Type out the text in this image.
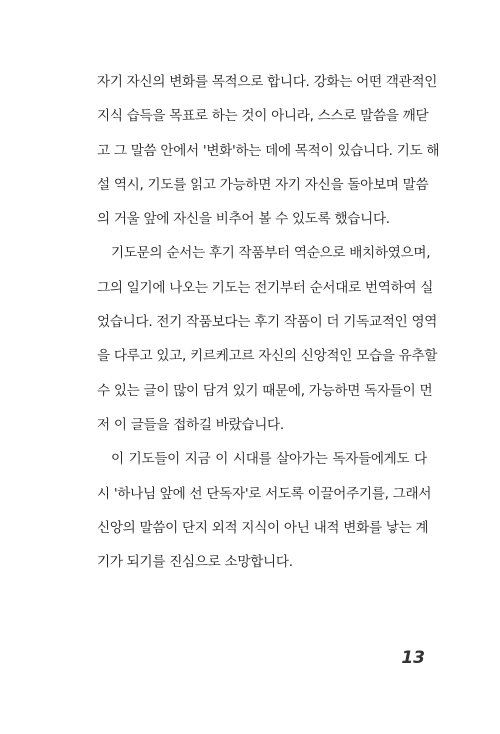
자기 자신의 변화를 목적으로 합니다. 강화는 어떤 객관적인
지식 습득을 목표로 하는 것이 아니라, 스스로 말씀을 깨닫
고 그 말씀 안에서 '변화'하는 데에 목적이 있습니다. 기도 해
설 역시, 기도를 읽고 가능하면 자기 자신을 돌아보며 말씀
의 거울 앞에 자신을 비추어 볼 수 있도록 했습니다.
기도문의 순서는 후기 작품부터 역순으로 배치하였으며,
그의 일기에 나오는 기도는 전기부터 순서대로 번역하여 실
었습니다. 전기 작품보다는 후기 작품이 더 기독교적인 영역
을 다루고 있고, 키르케고르 자신의 신앙적인 모습을 유추할
수 있는 글이 많이 담겨 있기 때문에, 가능하면 독자들이 먼
저 이 글들을 접하길 바랐습니다.
이 기도들이 지금 이 시대를 살아가는 독자들에게도 다
시 '하나님 앞에 선 단독자'로 서도록 이끌어주기를, 그래서
신앙의 말씀이 단지 외적 지식이 아닌 내적 변화를 낳는 계
기가 되기를 진심으로 소망합니다.
13
